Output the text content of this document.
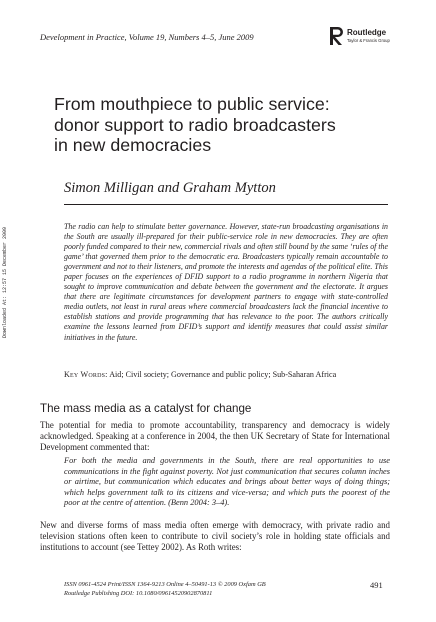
Development in Practice, Volume 19, Numbers 4–5, June 2009	Routledge
Taylor & Francis Group
Downloaded At: 12:57 15 December 2009
From mouthpiece to public service:
donor support to radio broadcasters
in new democracies
Simon Milligan and Graham Mytton
The radio can help to stimulate better governance. However, state-run broadcasting organisations in the South are usually ill-prepared for their public-service role in new democracies. They are often poorly funded compared to their new, commercial rivals and often still bound by the same ‘rules of the game’ that governed them prior to the democratic era. Broadcasters typically remain accountable to government and not to their listeners, and promote the interests and agendas of the political elite. This paper focuses on the experiences of DFID support to a radio programme in northern Nigeria that sought to improve communication and debate between the government and the electorate. It argues that there are legitimate circumstances for development partners to engage with state-controlled media outlets, not least in rural areas where commercial broadcasters lack the financial incentive to establish stations and provide programming that has relevance to the poor. The authors critically examine the lessons learned from DFID’s support and identify measures that could assist similar initiatives in the future.
Key Words: Aid; Civil society; Governance and public policy; Sub-Saharan Africa
The mass media as a catalyst for change
The potential for media to promote accountability, transparency and democracy is widely acknowledged. Speaking at a conference in 2004, the then UK Secretary of State for International Development commented that:
For both the media and governments in the South, there are real opportunities to use communications in the fight against poverty. Not just communication that secures column inches or airtime, but communication which educates and brings about better ways of doing things; which helps government talk to its citizens and vice-versa; and which puts the poorest of the poor at the centre of attention. (Benn 2004: 3–4).
New and diverse forms of mass media often emerge with democracy, with private radio and television stations often keen to contribute to civil society’s role in holding state officials and institutions to account (see Tettey 2002). As Roth writes:
ISSN 0961-4524 Print/ISSN 1364-9213 Online 4–50491-13 © 2009 Oxfam GB
Routledge Publishing DOI: 10.1080/09614520902870811
491
